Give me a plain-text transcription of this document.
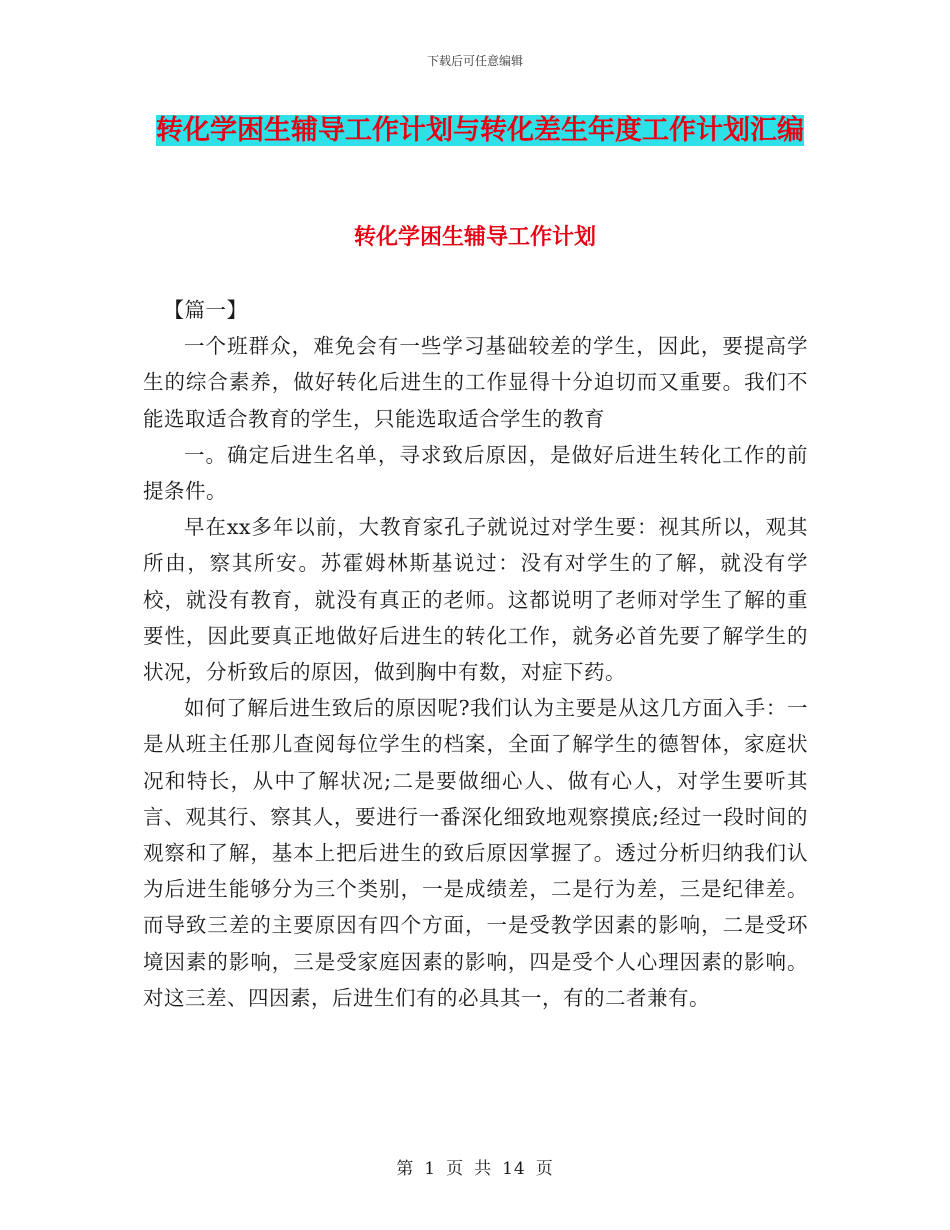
下载后可任意编辑
转化学困生辅导工作计划与转化差生年度工作计划汇编
转化学困生辅导工作计划

【篇一】

一个班群众，难免会有一些学习基础较差的学生，因此，要提高学生的综合素养，做好转化后进生的工作显得十分迫切而又重要。我们不能选取适合教育的学生，只能选取适合学生的教育

一。确定后进生名单，寻求致后原因，是做好后进生转化工作的前提条件。

早在xx多年以前，大教育家孔子就说过对学生要：视其所以，观其所由，察其所安。苏霍姆林斯基说过：没有对学生的了解，就没有学校，就没有教育，就没有真正的老师。这都说明了老师对学生了解的重要性，因此要真正地做好后进生的转化工作，就务必首先要了解学生的状况，分析致后的原因，做到胸中有数，对症下药。

如何了解后进生致后的原因呢?我们认为主要是从这几方面入手：一是从班主任那儿查阅每位学生的档案，全面了解学生的德智体，家庭状况和特长，从中了解状况;二是要做细心人、做有心人，对学生要听其言、观其行、察其人，要进行一番深化细致地观察摸底;经过一段时间的观察和了解，基本上把后进生的致后原因掌握了。透过分析归纳我们认为后进生能够分为三个类别，一是成绩差，二是行为差，三是纪律差。而导致三差的主要原因有四个方面，一是受教学因素的影响，二是受环境因素的影响，三是受家庭因素的影响，四是受个人心理因素的影响。对这三差、四因素，后进生们有的必具其一，有的二者兼有。

第 1 页 共 14 页
